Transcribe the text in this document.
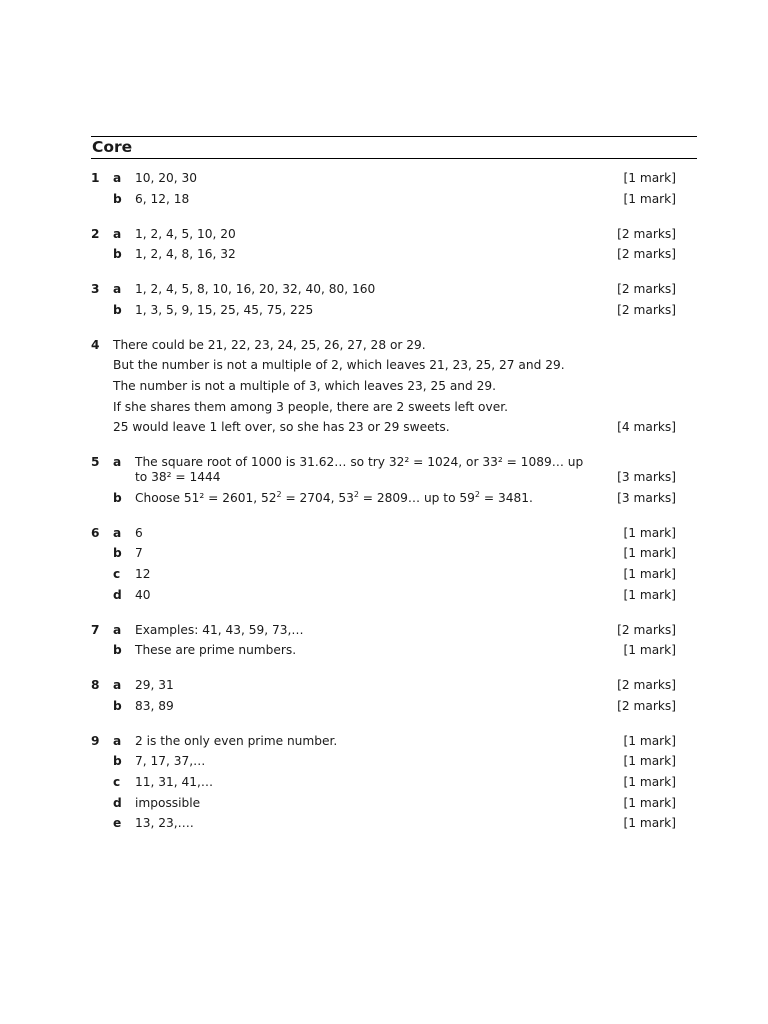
Core
1	a	10, 20, 30	[1 mark]
b	6, 12, 18	[1 mark]
2	a	1, 2, 4, 5, 10, 20	[2 marks]
b	1, 2, 4, 8, 16, 32	[2 marks]
3	a	1, 2, 4, 5, 8, 10, 16, 20, 32, 40, 80, 160	[2 marks]
b	1, 3, 5, 9, 15, 25, 45, 75, 225	[2 marks]
4	There could be 21, 22, 23, 24, 25, 26, 27, 28 or 29.
But the number is not a multiple of 2, which leaves 21, 23, 25, 27 and 29.
The number is not a multiple of 3, which leaves 23, 25 and 29.
If she shares them among 3 people, there are 2 sweets left over.
25 would leave 1 left over, so she has 23 or 29 sweets.	[4 marks]
5	a	The square root of 1000 is 31.62… so try 32² = 1024, or 33² = 1089… up to 38² = 1444	[3 marks]
b	Choose 51² = 2601, $52^2 = 2704$, $53^2$ = 2809… up to $59^2 = 3481$.	[3 marks]
6	a	6	[1 mark]
b	7	[1 mark]
c	12	[1 mark]
d	40	[1 mark]
7	a	Examples: 41, 43, 59, 73,…	[2 marks]
b	These are prime numbers.	[1 mark]
8	a	29, 31	[2 marks]
b	83, 89	[2 marks]
9	a	2 is the only even prime number.	[1 mark]
b	7, 17, 37,…	[1 mark]
c	11, 31, 41,…	[1 mark]
d	impossible	[1 mark]
e	13, 23,….	[1 mark]
